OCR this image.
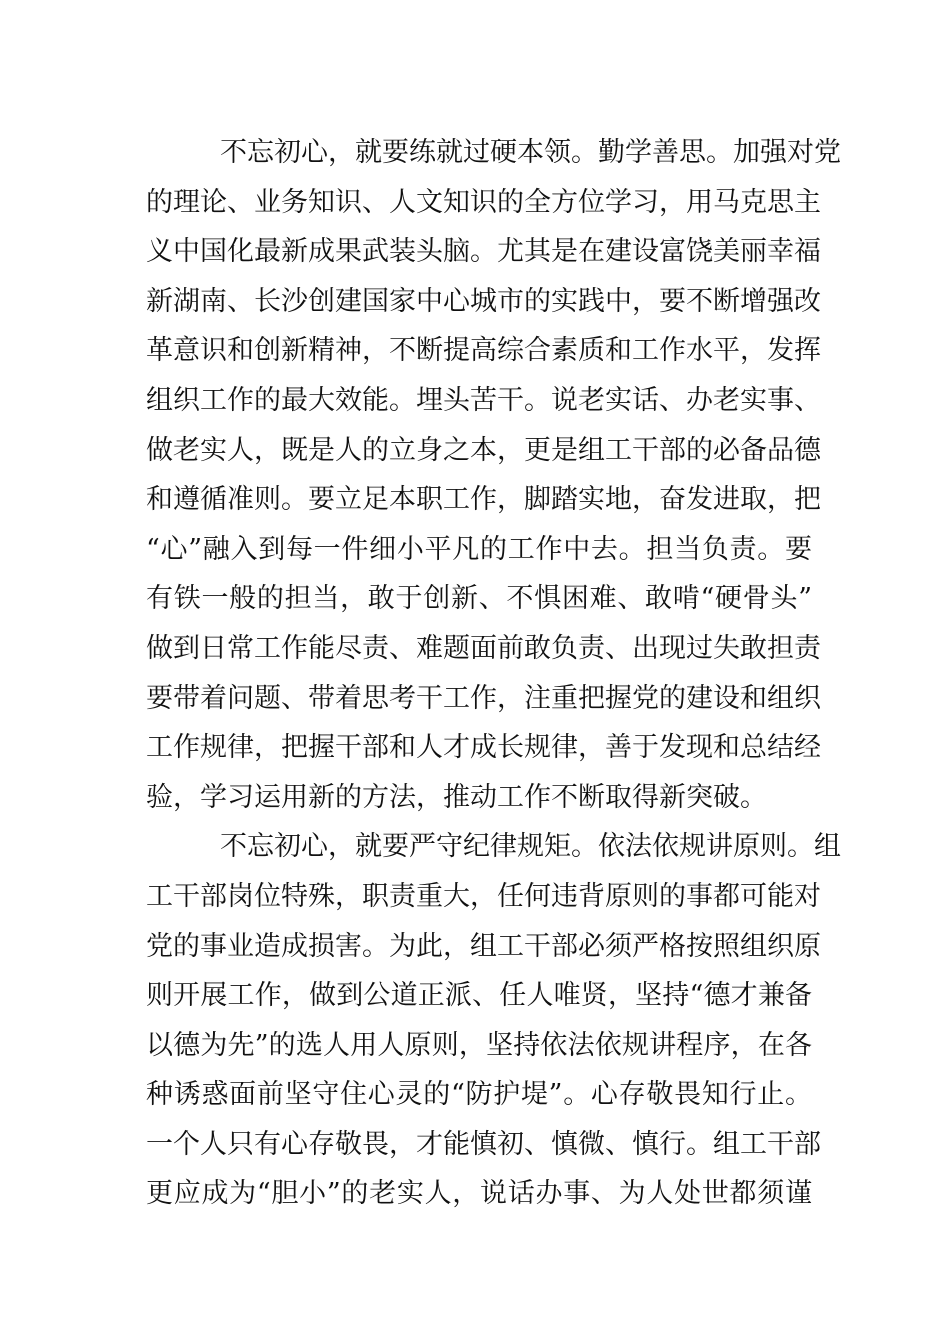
不忘初心，就要练就过硬本领。勤学善思。加强对党
的理论、业务知识、人文知识的全方位学习，用马克思主
义中国化最新成果武装头脑。尤其是在建设富饶美丽幸福
新湖南、长沙创建国家中心城市的实践中，要不断增强改
革意识和创新精神，不断提高综合素质和工作水平，发挥
组织工作的最大效能。埋头苦干。说老实话、办老实事、
做老实人，既是人的立身之本，更是组工干部的必备品德
和遵循准则。要立足本职工作，脚踏实地，奋发进取，把
“心”融入到每一件细小平凡的工作中去。担当负责。要
有铁一般的担当，敢于创新、不惧困难、敢啃“硬骨头”
做到日常工作能尽责、难题面前敢负责、出现过失敢担责
要带着问题、带着思考干工作，注重把握党的建设和组织
工作规律，把握干部和人才成长规律，善于发现和总结经
验，学习运用新的方法，推动工作不断取得新突破。
不忘初心，就要严守纪律规矩。依法依规讲原则。组
工干部岗位特殊，职责重大，任何违背原则的事都可能对
党的事业造成损害。为此，组工干部必须严格按照组织原
则开展工作，做到公道正派、任人唯贤，坚持“德才兼备
以德为先”的选人用人原则，坚持依法依规讲程序，在各
种诱惑面前坚守住心灵的“防护堤”。心存敬畏知行止。
一个人只有心存敬畏，才能慎初、慎微、慎行。组工干部
更应成为“胆小”的老实人，说话办事、为人处世都须谨
